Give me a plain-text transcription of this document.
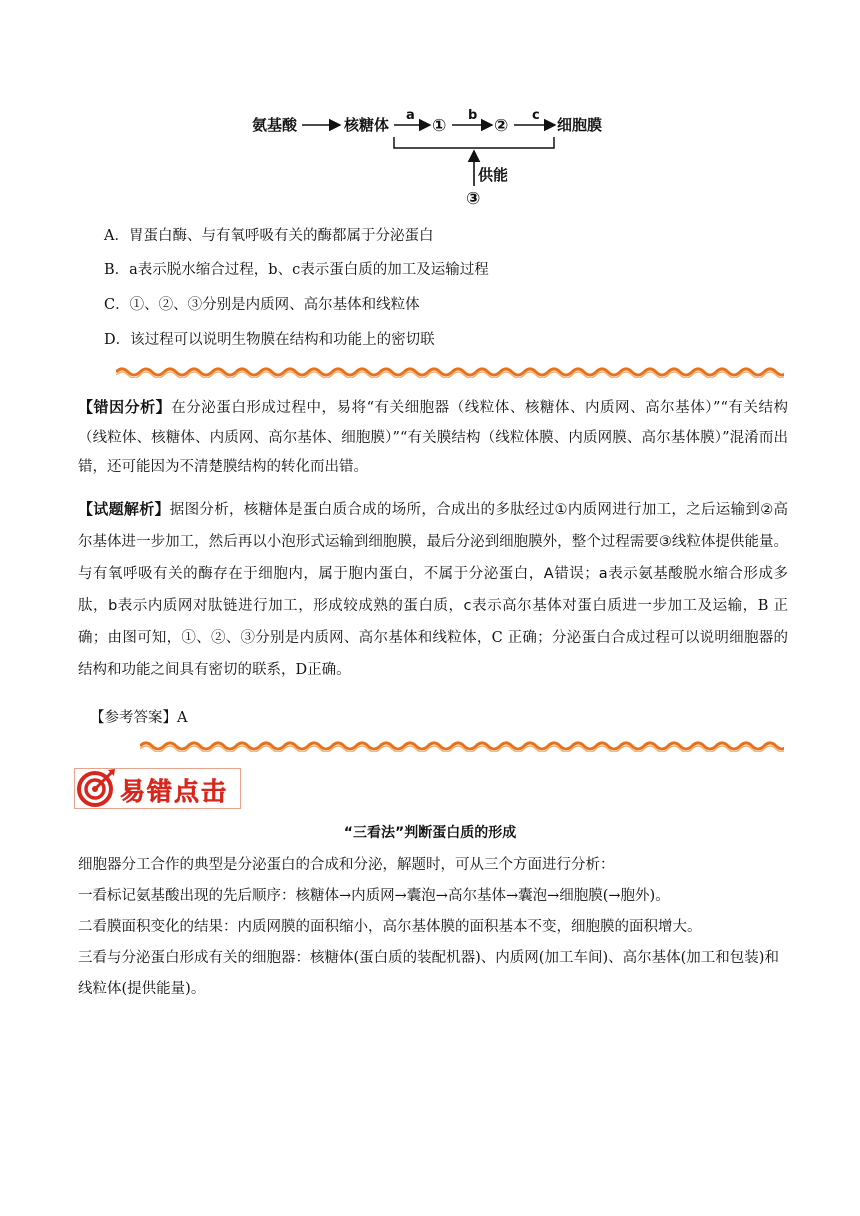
氨基酸	核糖体
a
①
b
②
c
细胞膜
供能
③
A．胃蛋白酶、与有氧呼吸有关的酶都属于分泌蛋白
B．a表示脱水缩合过程，b、c表示蛋白质的加工及运输过程
C．①、②、③分别是内质网、高尔基体和线粒体
D．该过程可以说明生物膜在结构和功能上的密切联

【错因分析】在分泌蛋白形成过程中，易将“有关细胞器（线粒体、核糖体、内质网、高尔基体）”“有关结构（线粒体、核糖体、内质网、高尔基体、细胞膜）”“有关膜结构（线粒体膜、内质网膜、高尔基体膜）”混淆而出错，还可能因为不清楚膜结构的转化而出错。

【试题解析】据图分析，核糖体是蛋白质合成的场所，合成出的多肽经过①内质网进行加工，之后运输到②高尔基体进一步加工，然后再以小泡形式运输到细胞膜，最后分泌到细胞膜外，整个过程需要③线粒体提供能量。与有氧呼吸有关的酶存在于细胞内，属于胞内蛋白，不属于分泌蛋白，A错误；a表示氨基酸脱水缩合形成多肽，b表示内质网对肽链进行加工，形成较成熟的蛋白质，c表示高尔基体对蛋白质进一步加工及运输，B 正确；由图可知，①、②、③分别是内质网、高尔基体和线粒体，C 正确；分泌蛋白合成过程可以说明细胞器的结构和功能之间具有密切的联系，D正确。

【参考答案】A
易错点击
“三看法”判断蛋白质的形成

细胞器分工合作的典型是分泌蛋白的合成和分泌，解题时，可从三个方面进行分析：

一看标记氨基酸出现的先后顺序：核糖体→内质网→囊泡→高尔基体→囊泡→细胞膜(→胞外)。

二看膜面积变化的结果：内质网膜的面积缩小，高尔基体膜的面积基本不变，细胞膜的面积增大。

三看与分泌蛋白形成有关的细胞器：核糖体(蛋白质的装配机器)、内质网(加工车间)、高尔基体(加工和包装)和线粒体(提供能量)。
